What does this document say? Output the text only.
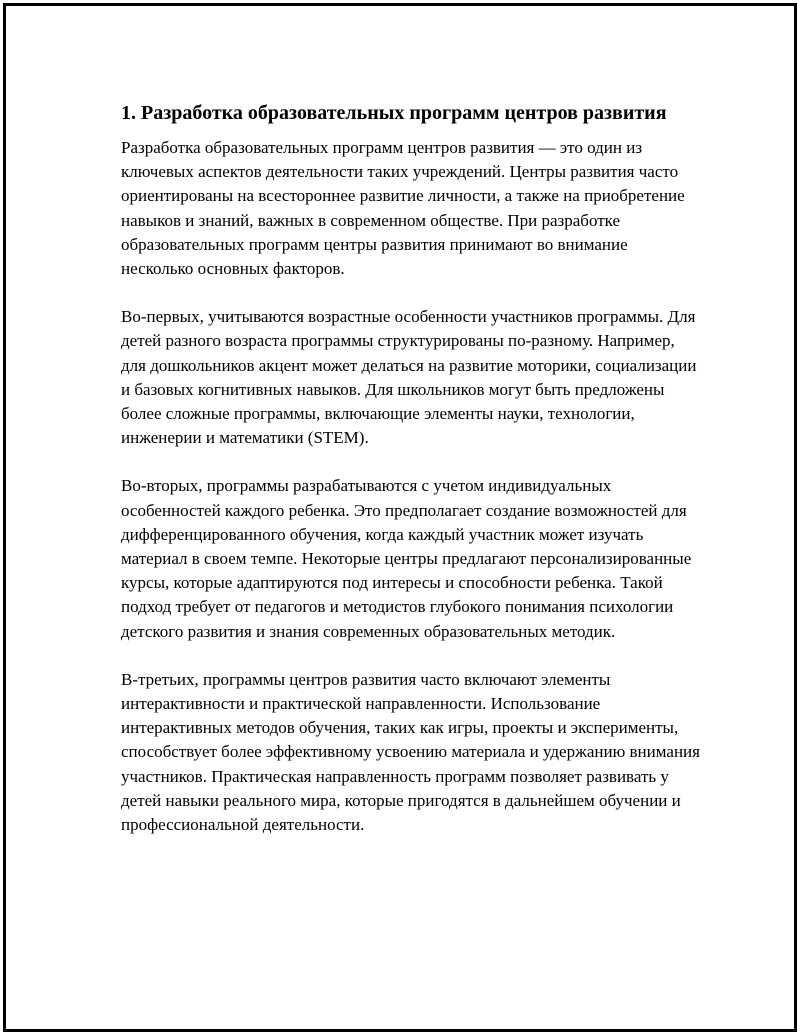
1. Разработка образовательных программ центров развития

Разработка образовательных программ центров развития — это один из ключевых аспектов деятельности таких учреждений. Центры развития часто ориентированы на всестороннее развитие личности, а также на приобретение навыков и знаний, важных в современном обществе. При разработке образовательных программ центры развития принимают во внимание несколько основных факторов.

Во-первых, учитываются возрастные особенности участников программы. Для детей разного возраста программы структурированы по-разному. Например, для дошкольников акцент может делаться на развитие моторики, социализации и базовых когнитивных навыков. Для школьников могут быть предложены более сложные программы, включающие элементы науки, технологии, инженерии и математики (STEM).

Во-вторых, программы разрабатываются с учетом индивидуальных особенностей каждого ребенка. Это предполагает создание возможностей для дифференцированного обучения, когда каждый участник может изучать материал в своем темпе. Некоторые центры предлагают персонализированные курсы, которые адаптируются под интересы и способности ребенка. Такой подход требует от педагогов и методистов глубокого понимания психологии детского развития и знания современных образовательных методик.

В-третьих, программы центров развития часто включают элементы интерактивности и практической направленности. Использование интерактивных методов обучения, таких как игры, проекты и эксперименты, способствует более эффективному усвоению материала и удержанию внимания участников. Практическая направленность программ позволяет развивать у детей навыки реального мира, которые пригодятся в дальнейшем обучении и профессиональной деятельности.
